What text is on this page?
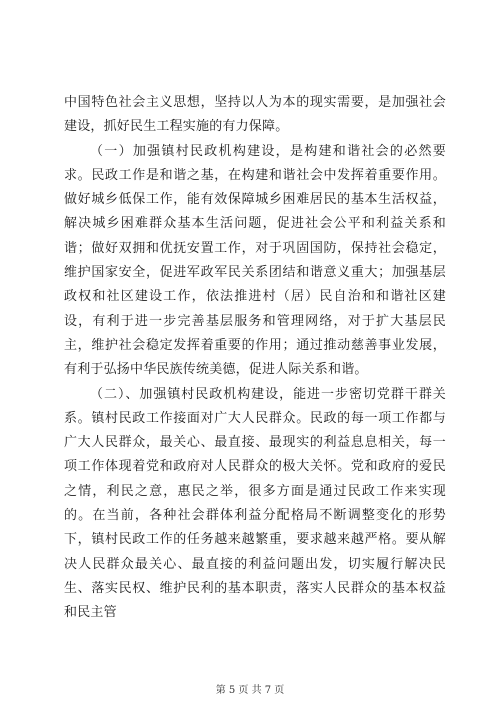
中国特色社会主义思想，坚持以人为本的现实需要，是加强社会建设，抓好民生工程实施的有力保障。

（一）加强镇村民政机构建设，是构建和谐社会的必然要求。民政工作是和谐之基，在构建和谐社会中发挥着重要作用。做好城乡低保工作，能有效保障城乡困难居民的基本生活权益，解决城乡困难群众基本生活问题，促进社会公平和利益关系和谐；做好双拥和优抚安置工作，对于巩固国防，保持社会稳定，维护国家安全，促进军政军民关系团结和谐意义重大；加强基层政权和社区建设工作，依法推进村（居）民自治和和谐社区建设，有利于进一步完善基层服务和管理网络，对于扩大基层民主，维护社会稳定发挥着重要的作用；通过推动慈善事业发展，有利于弘扬中华民族传统美德，促进人际关系和谐。

（二）、加强镇村民政机构建设，能进一步密切党群干群关系。镇村民政工作接面对广大人民群众。民政的每一项工作都与广大人民群众，最关心、最直接、最现实的利益息息相关，每一项工作体现着党和政府对人民群众的极大关怀。党和政府的爱民之情，利民之意，惠民之举，很多方面是通过民政工作来实现的。在当前，各种社会群体利益分配格局不断调整变化的形势下，镇村民政工作的任务越来越繁重，要求越来越严格。要从解决人民群众最关心、最直接的利益问题出发，切实履行解决民生、落实民权、维护民利的基本职责，落实人民群众的基本权益和民主管

第 5 页 共 7 页
